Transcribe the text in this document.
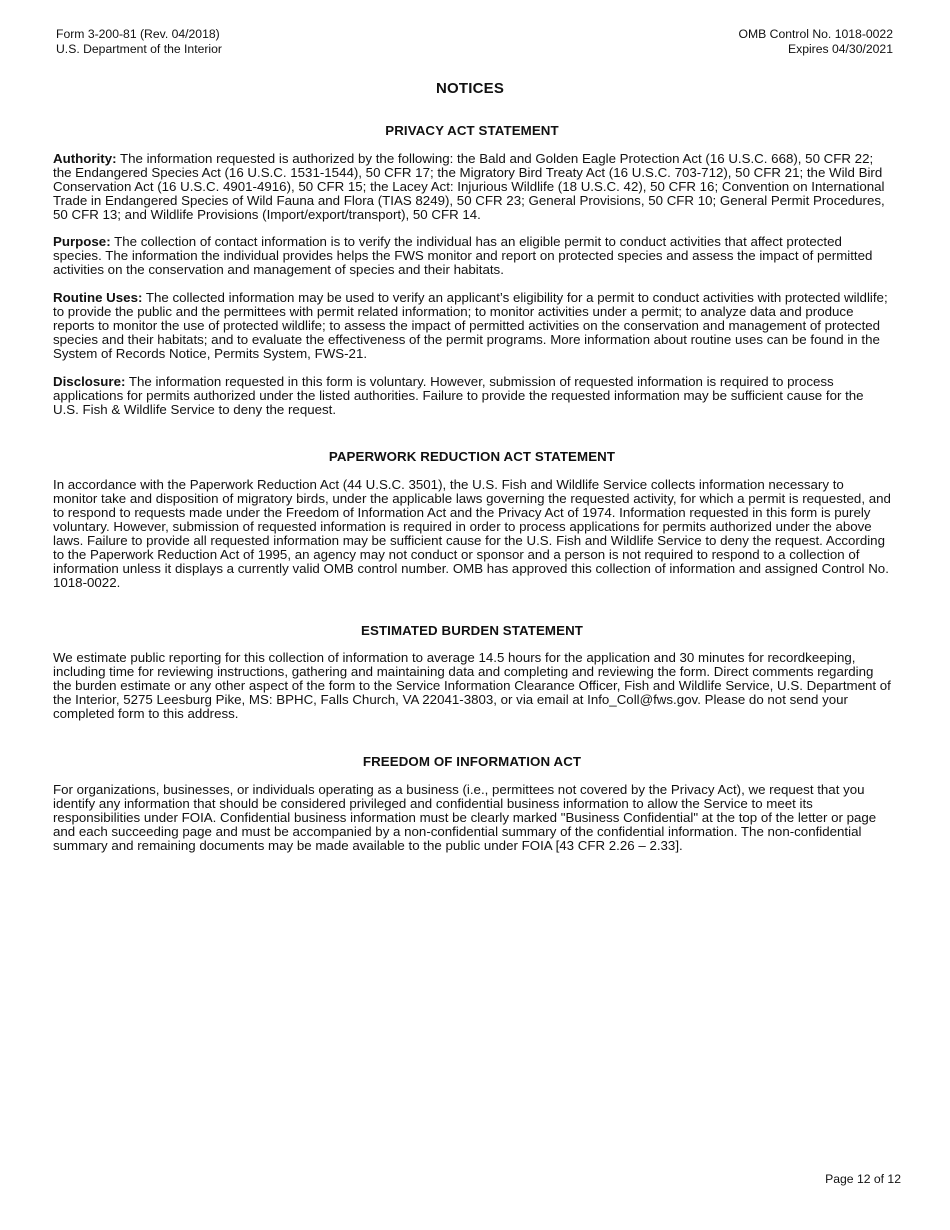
Form 3-200-81 (Rev. 04/2018)
U.S. Department of the Interior
OMB Control No. 1018-0022
Expires 04/30/2021
NOTICES
PRIVACY ACT STATEMENT

Authority: The information requested is authorized by the following: the Bald and Golden Eagle Protection Act (16 U.S.C. 668), 50 CFR 22; the Endangered Species Act (16 U.S.C. 1531-1544), 50 CFR 17; the Migratory Bird Treaty Act (16 U.S.C. 703-712), 50 CFR 21; the Wild Bird Conservation Act (16 U.S.C. 4901-4916), 50 CFR 15; the Lacey Act: Injurious Wildlife (18 U.S.C. 42), 50 CFR 16; Convention on International Trade in Endangered Species of Wild Fauna and Flora (TIAS 8249), 50 CFR 23; General Provisions, 50 CFR 10; General Permit Procedures, 50 CFR 13; and Wildlife Provisions (Import/export/transport), 50 CFR 14.

Purpose: The collection of contact information is to verify the individual has an eligible permit to conduct activities that affect protected species. The information the individual provides helps the FWS monitor and report on protected species and assess the impact of permitted activities on the conservation and management of species and their habitats.

Routine Uses: The collected information may be used to verify an applicant’s eligibility for a permit to conduct activities with protected wildlife; to provide the public and the permittees with permit related information; to monitor activities under a permit; to analyze data and produce reports to monitor the use of protected wildlife; to assess the impact of permitted activities on the conservation and management of protected species and their habitats; and to evaluate the effectiveness of the permit programs. More information about routine uses can be found in the System of Records Notice, Permits System, FWS-21.

Disclosure: The information requested in this form is voluntary. However, submission of requested information is required to process applications for permits authorized under the listed authorities. Failure to provide the requested information may be sufficient cause for the U.S. Fish & Wildlife Service to deny the request.

PAPERWORK REDUCTION ACT STATEMENT

In accordance with the Paperwork Reduction Act (44 U.S.C. 3501), the U.S. Fish and Wildlife Service collects information necessary to monitor take and disposition of migratory birds, under the applicable laws governing the requested activity, for which a permit is requested, and to respond to requests made under the Freedom of Information Act and the Privacy Act of 1974. Information requested in this form is purely voluntary. However, submission of requested information is required in order to process applications for permits authorized under the above laws. Failure to provide all requested information may be sufficient cause for the U.S. Fish and Wildlife Service to deny the request. According to the Paperwork Reduction Act of 1995, an agency may not conduct or sponsor and a person is not required to respond to a collection of information unless it displays a currently valid OMB control number. OMB has approved this collection of information and assigned Control No. 1018-0022.

ESTIMATED BURDEN STATEMENT

We estimate public reporting for this collection of information to average 14.5 hours for the application and 30 minutes for recordkeeping, including time for reviewing instructions, gathering and maintaining data and completing and reviewing the form. Direct comments regarding the burden estimate or any other aspect of the form to the Service Information Clearance Officer, Fish and Wildlife Service, U.S. Department of the Interior, 5275 Leesburg Pike, MS: BPHC, Falls Church, VA 22041-3803, or via email at Info_Coll@fws.gov. Please do not send your completed form to this address.

FREEDOM OF INFORMATION ACT

For organizations, businesses, or individuals operating as a business (i.e., permittees not covered by the Privacy Act), we request that you identify any information that should be considered privileged and confidential business information to allow the Service to meet its responsibilities under FOIA. Confidential business information must be clearly marked "Business Confidential" at the top of the letter or page and each succeeding page and must be accompanied by a non-confidential summary of the confidential information. The non-confidential summary and remaining documents may be made available to the public under FOIA [43 CFR 2.26 – 2.33].

Page 12 of 12
